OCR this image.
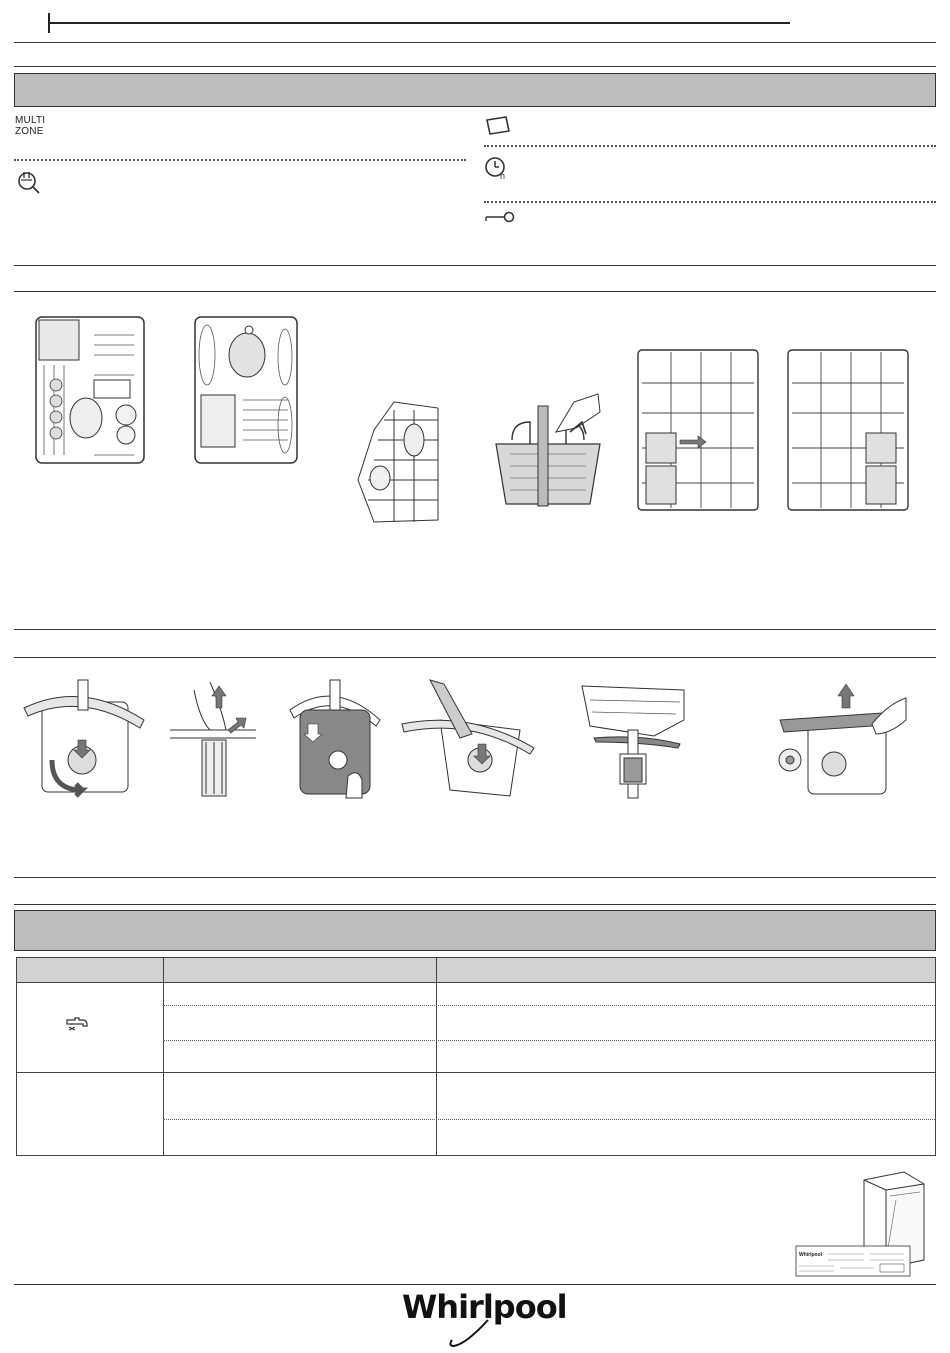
MULTI
ZONE
h
Whirlpool
Whirlpool
